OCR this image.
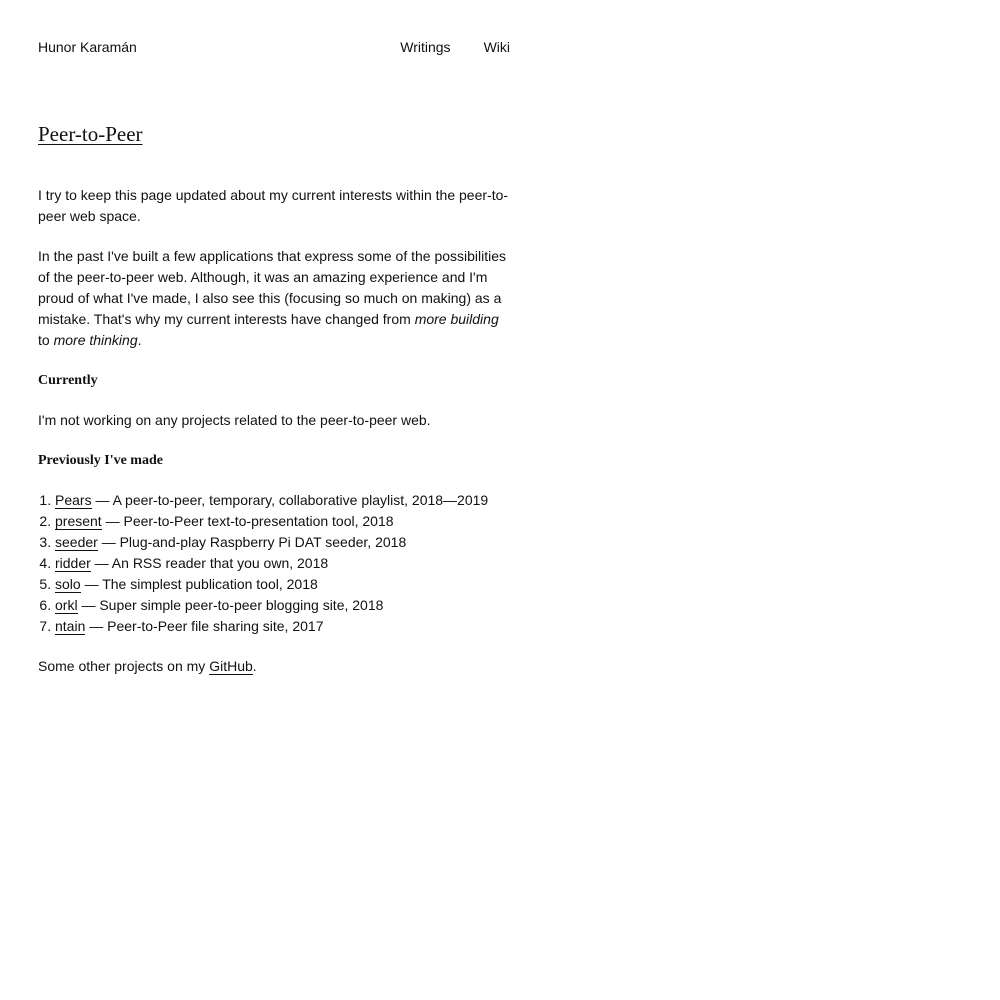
Hunor Karamán	Writings Wiki
Peer-to-Peer

I try to keep this page updated about my current interests within the peer-to-peer web space.

In the past I've built a few applications that express some of the possibilities of the peer-to-peer web. Although, it was an amazing experience and I'm proud of what I've made, I also see this (focusing so much on making) as a mistake. That's why my current interests have changed from more building to more thinking.

Currently

I'm not working on any projects related to the peer-to-peer web.

Previously I've made
1. Pears — A peer-to-peer, temporary, collaborative playlist, 2018—2019
2. present — Peer-to-Peer text-to-presentation tool, 2018
3. seeder — Plug-and-play Raspberry Pi DAT seeder, 2018
4. ridder — An RSS reader that you own, 2018
5. solo — The simplest publication tool, 2018
6. orkl — Super simple peer-to-peer blogging site, 2018
7. ntain — Peer-to-Peer file sharing site, 2017

Some other projects on my GitHub.
